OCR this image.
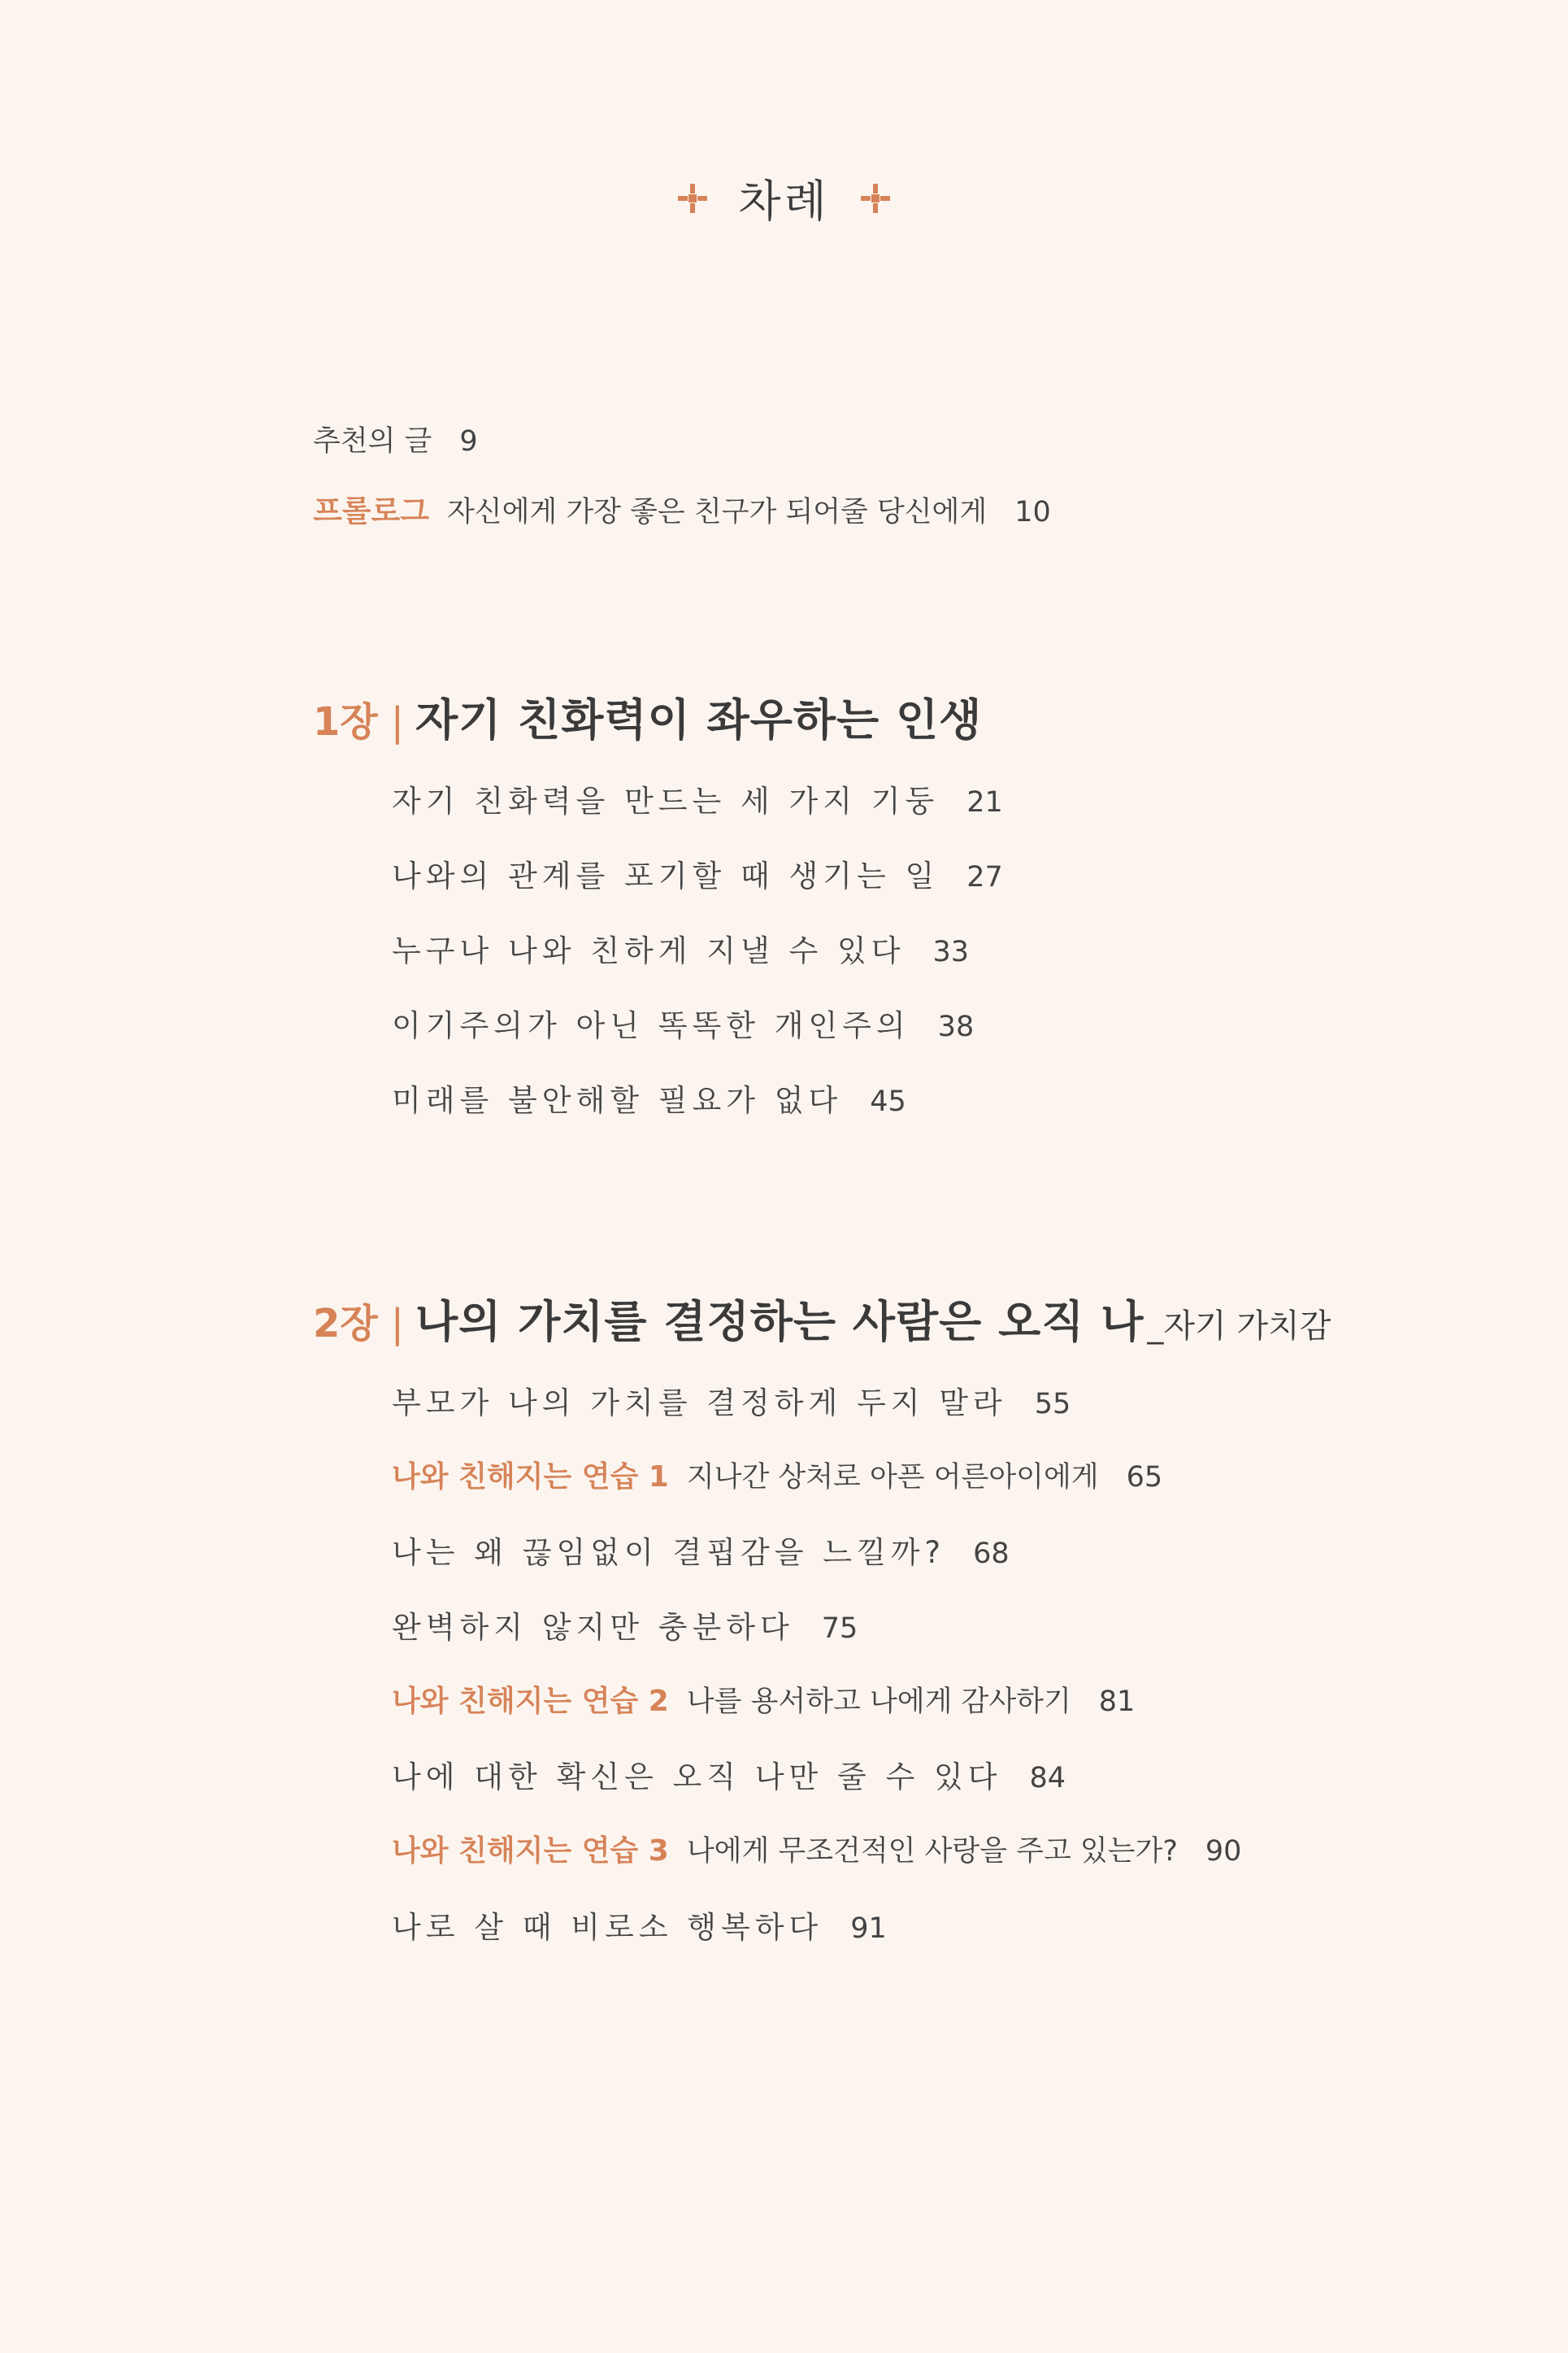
차례
추천의 글 9
프롤로그 자신에게 가장 좋은 친구가 되어줄 당신에게 10
1장 | 자기 친화력이 좌우하는 인생
자기 친화력을 만드는 세 가지 기둥 21
나와의 관계를 포기할 때 생기는 일 27
누구나 나와 친하게 지낼 수 있다 33
이기주의가 아닌 똑똑한 개인주의 38
미래를 불안해할 필요가 없다 45
2장 | 나의 가치를 결정하는 사람은 오직 나 _자기 가치감
부모가 나의 가치를 결정하게 두지 말라 55
나와 친해지는 연습 1 지나간 상처로 아픈 어른아이에게 65
나는 왜 끊임없이 결핍감을 느낄까? 68
완벽하지 않지만 충분하다 75
나와 친해지는 연습 2 나를 용서하고 나에게 감사하기 81
나에 대한 확신은 오직 나만 줄 수 있다 84
나와 친해지는 연습 3 나에게 무조건적인 사랑을 주고 있는가? 90
나로 살 때 비로소 행복하다 91
